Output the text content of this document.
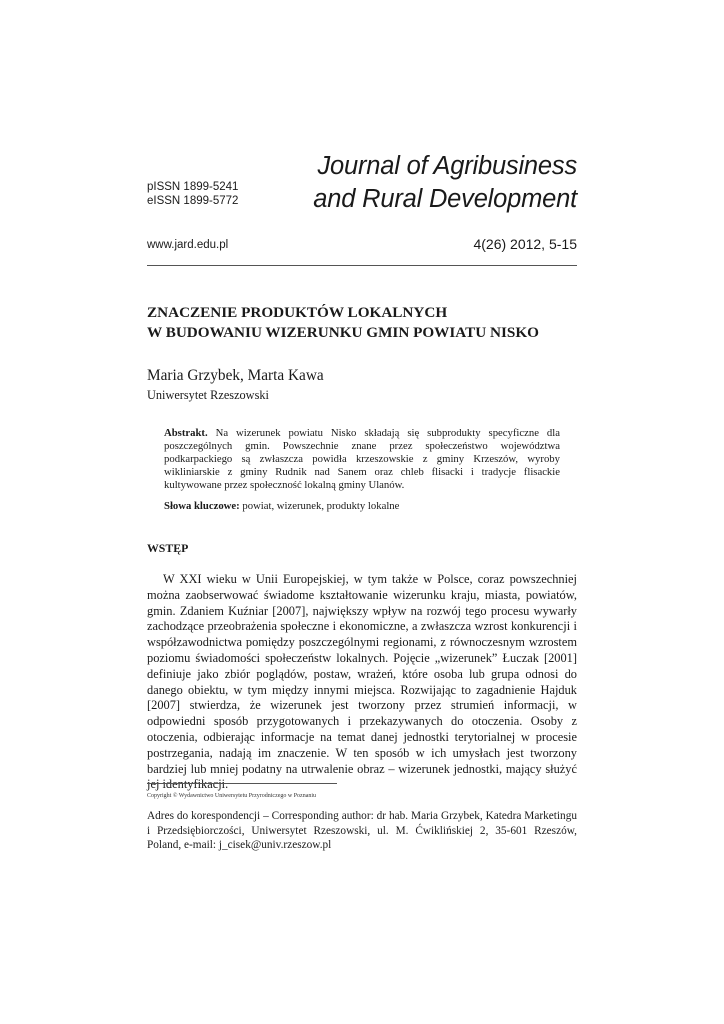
pISSN 1899-5241
eISSN 1899-5772
Journal of Agribusiness
and Rural Development
www.jard.edu.pl	4(26) 2012, 5-15
ZNACZENIE PRODUKTÓW LOKALNYCH
W BUDOWANIU WIZERUNKU GMIN POWIATU NISKO
Maria Grzybek, Marta Kawa
Uniwersytet Rzeszowski
Abstrakt. Na wizerunek powiatu Nisko składają się subprodukty specyficzne dla poszczególnych gmin. Powszechnie znane przez społeczeństwo województwa podkarpackiego są zwłaszcza powidła krzeszowskie z gminy Krzeszów, wyroby wikliniarskie z gminy Rudnik nad Sanem oraz chleb flisacki i tradycje flisackie kultywowane przez społeczność lokalną gminy Ulanów.
Słowa kluczowe: powiat, wizerunek, produkty lokalne
WSTĘP

W XXI wieku w Unii Europejskiej, w tym także w Polsce, coraz powszechniej można zaobserwować świadome kształtowanie wizerunku kraju, miasta, powiatów, gmin. Zdaniem Kuźniar [2007], największy wpływ na rozwój tego procesu wywarły zachodzące przeobrażenia społeczne i ekonomiczne, a zwłaszcza wzrost konkurencji i współzawodnictwa pomiędzy poszczególnymi regionami, z równoczesnym wzrostem poziomu świadomości społeczeństw lokalnych. Pojęcie „wizerunek” Łuczak [2001] definiuje jako zbiór poglądów, postaw, wrażeń, które osoba lub grupa odnosi do danego obiektu, w tym między innymi miejsca. Rozwijając to zagadnienie Hajduk [2007] stwierdza, że wizerunek jest tworzony przez strumień informacji, w odpowiedni sposób przygotowanych i przekazywanych do otoczenia. Osoby z otoczenia, odbierając informacje na temat danej jednostki terytorialnej w procesie postrzegania, nadają im znaczenie. W ten sposób w ich umysłach jest tworzony bardziej lub mniej podatny na utrwalenie obraz – wizerunek jednostki, mający służyć jej identyfikacji.

Copyright © Wydawnictwo Uniwersytetu Przyrodniczego w Poznaniu
Adres do korespondencji – Corresponding author: dr hab. Maria Grzybek, Katedra Marketingu i Przedsiębiorczości, Uniwersytet Rzeszowski, ul. M. Ćwiklińskiej 2, 35-601 Rzeszów, Poland, e-mail: j_cisek@univ.rzeszow.pl
